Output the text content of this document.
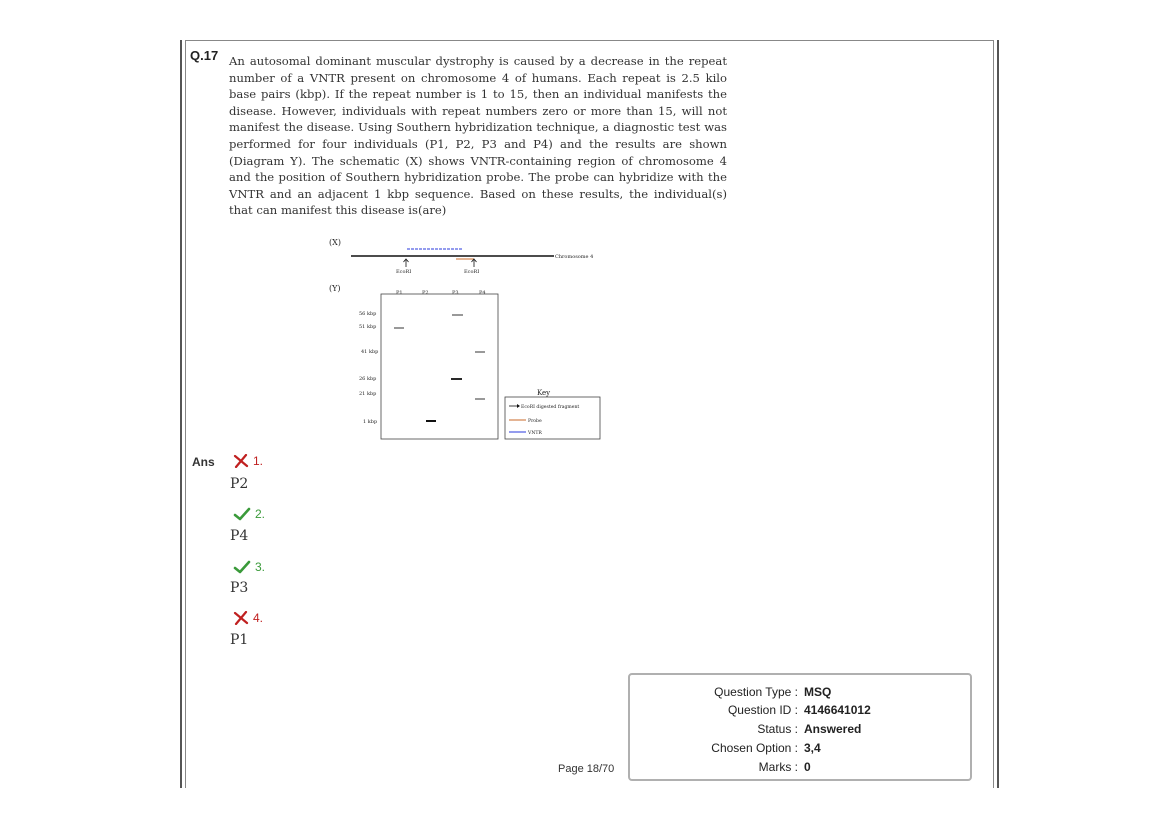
Q.17 An autosomal dominant muscular dystrophy is caused by a decrease in the repeat number of a VNTR present on chromosome 4 of humans. Each repeat is 2.5 kilo base pairs (kbp). If the repeat number is 1 to 15, then an individual manifests the disease. However, individuals with repeat numbers zero or more than 15, will not manifest the disease. Using Southern hybridization technique, a diagnostic test was performed for four individuals (P1, P2, P3 and P4) and the results are shown (Diagram Y). The schematic (X) shows VNTR-containing region of chromosome 4 and the position of Southern hybridization probe. The probe can hybridize with the VNTR and an adjacent 1 kbp sequence. Based on these results, the individual(s) that can manifest this disease is(are)

(X)
Chromosome 4
EcoRI	EcoRI
(Y)	P1	P2	P3	P4
56 kbp
51 kbp
41 kbp
26 kbp
21 kbp
1 kbp
Key
EcoRI digested fragment
Probe
VNTR
Ans	1.
P2
2.
P4
3.
P3
4.
P1
Question Type : MSQ
Question ID : 4146641012
Status : Answered
Chosen Option : 3,4
Marks : 0
Page 18/70
